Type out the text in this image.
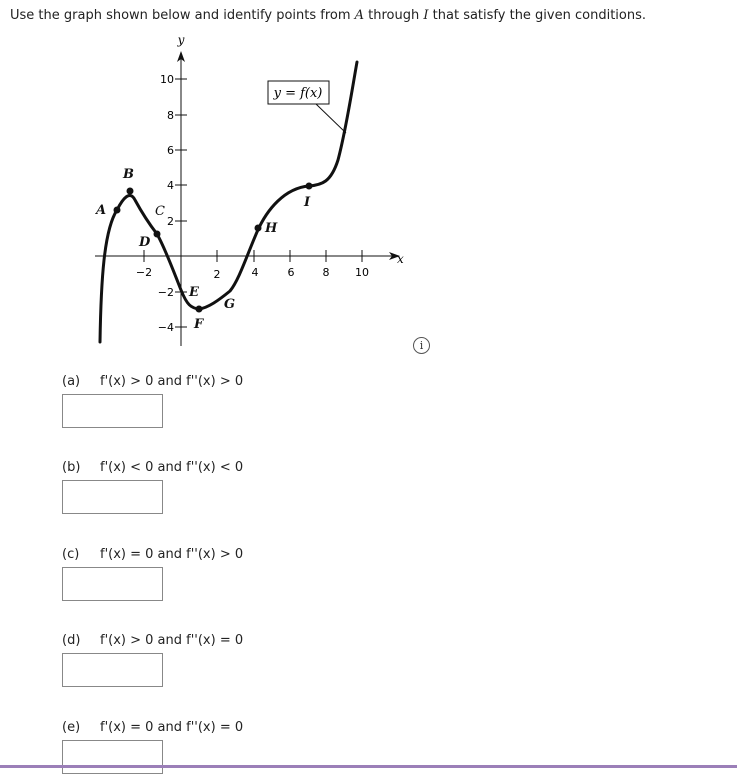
Use the graph shown below and identify points from A through I that satisfy the given conditions.
y
x
−2	2	4	6	8 10
10
8
6
4
2
−2
−4
A
B
C
D
E
F
G
H
I
y = f(x)
i
(a) f'(x) > 0 and f''(x) > 0
(b) f'(x) < 0 and f''(x) < 0
(c) f'(x) = 0 and f''(x) > 0
(d) f'(x) > 0 and f''(x) = 0
(e) f'(x) = 0 and f''(x) = 0
